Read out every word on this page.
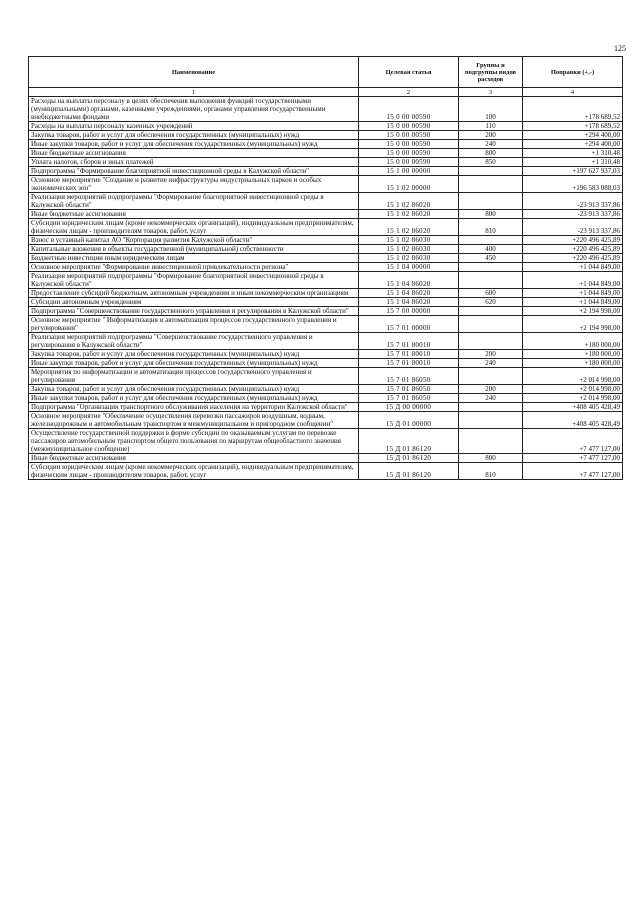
125
Наименование	Целевая статья	Группы и подгруппы видов расходов	Поправки (+,-)
1	2	3	4
Расходы на выплаты персоналу в целях обеспечения выполнения функций государственными (муниципальными) органами, казенными учреждениями, органами управления государственными внебюджетными фондами	15 0 00 00590	100	+178 689,52
Расходы на выплаты персоналу казенных учреждений	15 0 00 00590	110	+178 689,52
Закупка товаров, работ и услуг для обеспечения государственных (муниципальных) нужд	15 0 00 00590	200	+294 400,00
Иные закупки товаров, работ и услуг для обеспечения государственных (муниципальных) нужд	15 0 00 00590	240	+294 400,00
Иные бюджетные ассигнования	15 0 00 00590	800	+1 310,48
Уплата налогов, сборов и иных платежей	15 0 00 00590	850	+1 310,48
Подпрограмма "Формирование благоприятной инвестиционной среды в Калужской области"	15 1 00 00000		+197 627 937,03
Основное мероприятие "Создание и развитие инфраструктуры индустриальных парков и особых экономических зон"	15 1 02 00000		+196 583 088,03
Реализация мероприятий подпрограммы "Формирование благоприятной инвестиционной среды в Калужской области"	15 1 02 86020		-23 913 337,86
Иные бюджетные ассигнования	15 1 02 86020	800	-23 913 337,86
Субсидии юридическим лицам (кроме некоммерческих организаций), индивидуальным предпринимателям, физическим лицам - производителям товаров, работ, услуг	15 1 02 86020	810	-23 913 337,86
Взнос в уставный капитал АО "Корпорация развития Калужской области"	15 1 02 86030		+220 496 425,89
Капитальные вложения в объекты государственной (муниципальной) собственности	15 1 02 86030	400	+220 496 425,89
Бюджетные инвестиции иным юридическим лицам	15 1 02 86030	450	+220 496 425,89
Основное мероприятие "Формирование инвестиционной привлекательности региона"	15 1 04 00000		+1 044 849,00
Реализация мероприятий подпрограммы "Формирование благоприятной инвестиционной среды в Калужской области"	15 1 04 86020		+1 044 849,00
Предоставление субсидий бюджетным, автономным учреждениям и иным некоммерческим организациям	15 1 04 86020	600	+1 044 849,00
Субсидии автономным учреждениям	15 1 04 86020	620	+1 044 849,00
Подпрограмма "Совершенствование государственного управления и регулирования в Калужской области"	15 7 00 00000		+2 194 998,00
Основное мероприятие " Информатизация и автоматизация процессов государственного управления и регулирования"	15 7 01 00000		+2 194 998,00
Реализация мероприятий подпрограммы "Совершенствование государственного управления и регулирования в Калужской области"	15 7 01 80010		+180 000,00
Закупка товаров, работ и услуг для обеспечения государственных (муниципальных) нужд	15 7 01 80010	200	+180 000,00
Иные закупки товаров, работ и услуг для обеспечения государственных (муниципальных) нужд	15 7 01 80010	240	+180 000,00
Мероприятия по информатизации и автоматизации процессов государственного управления и регулирования	15 7 01 86050		+2 014 998,00
Закупка товаров, работ и услуг для обеспечения государственных (муниципальных) нужд	15 7 01 86050	200	+2 014 998,00
Иные закупки товаров, работ и услуг для обеспечения государственных (муниципальных) нужд	15 7 01 86050	240	+2 014 998,00
Подпрограмма "Организация транспортного обслуживания населения на территории Калужской области"	15 Д 00 00000		+408 405 428,49
Основное мероприятие "Обеспечение осуществления перевозки пассажиров воздушным, водным, железнодорожным и автомобильным транспортом в межмуниципальном и пригородном сообщении"	15 Д 01 00000		+408 405 428,49
Осуществление государственной поддержки в форме субсидии по оказываемым услугам по перевозке пассажиров автомобильным транспортом общего пользования по маршрутам общеобластного значения (межмуниципальное сообщение)	15 Д 01 86120		+7 477 127,00
Иные бюджетные ассигнования	15 Д 01 86120	800	+7 477 127,00
Субсидии юридическим лицам (кроме некоммерческих организаций), индивидуальным предпринимателям, физическим лицам - производителям товаров, работ, услуг	15 Д 01 86120	810	+7 477 127,00
